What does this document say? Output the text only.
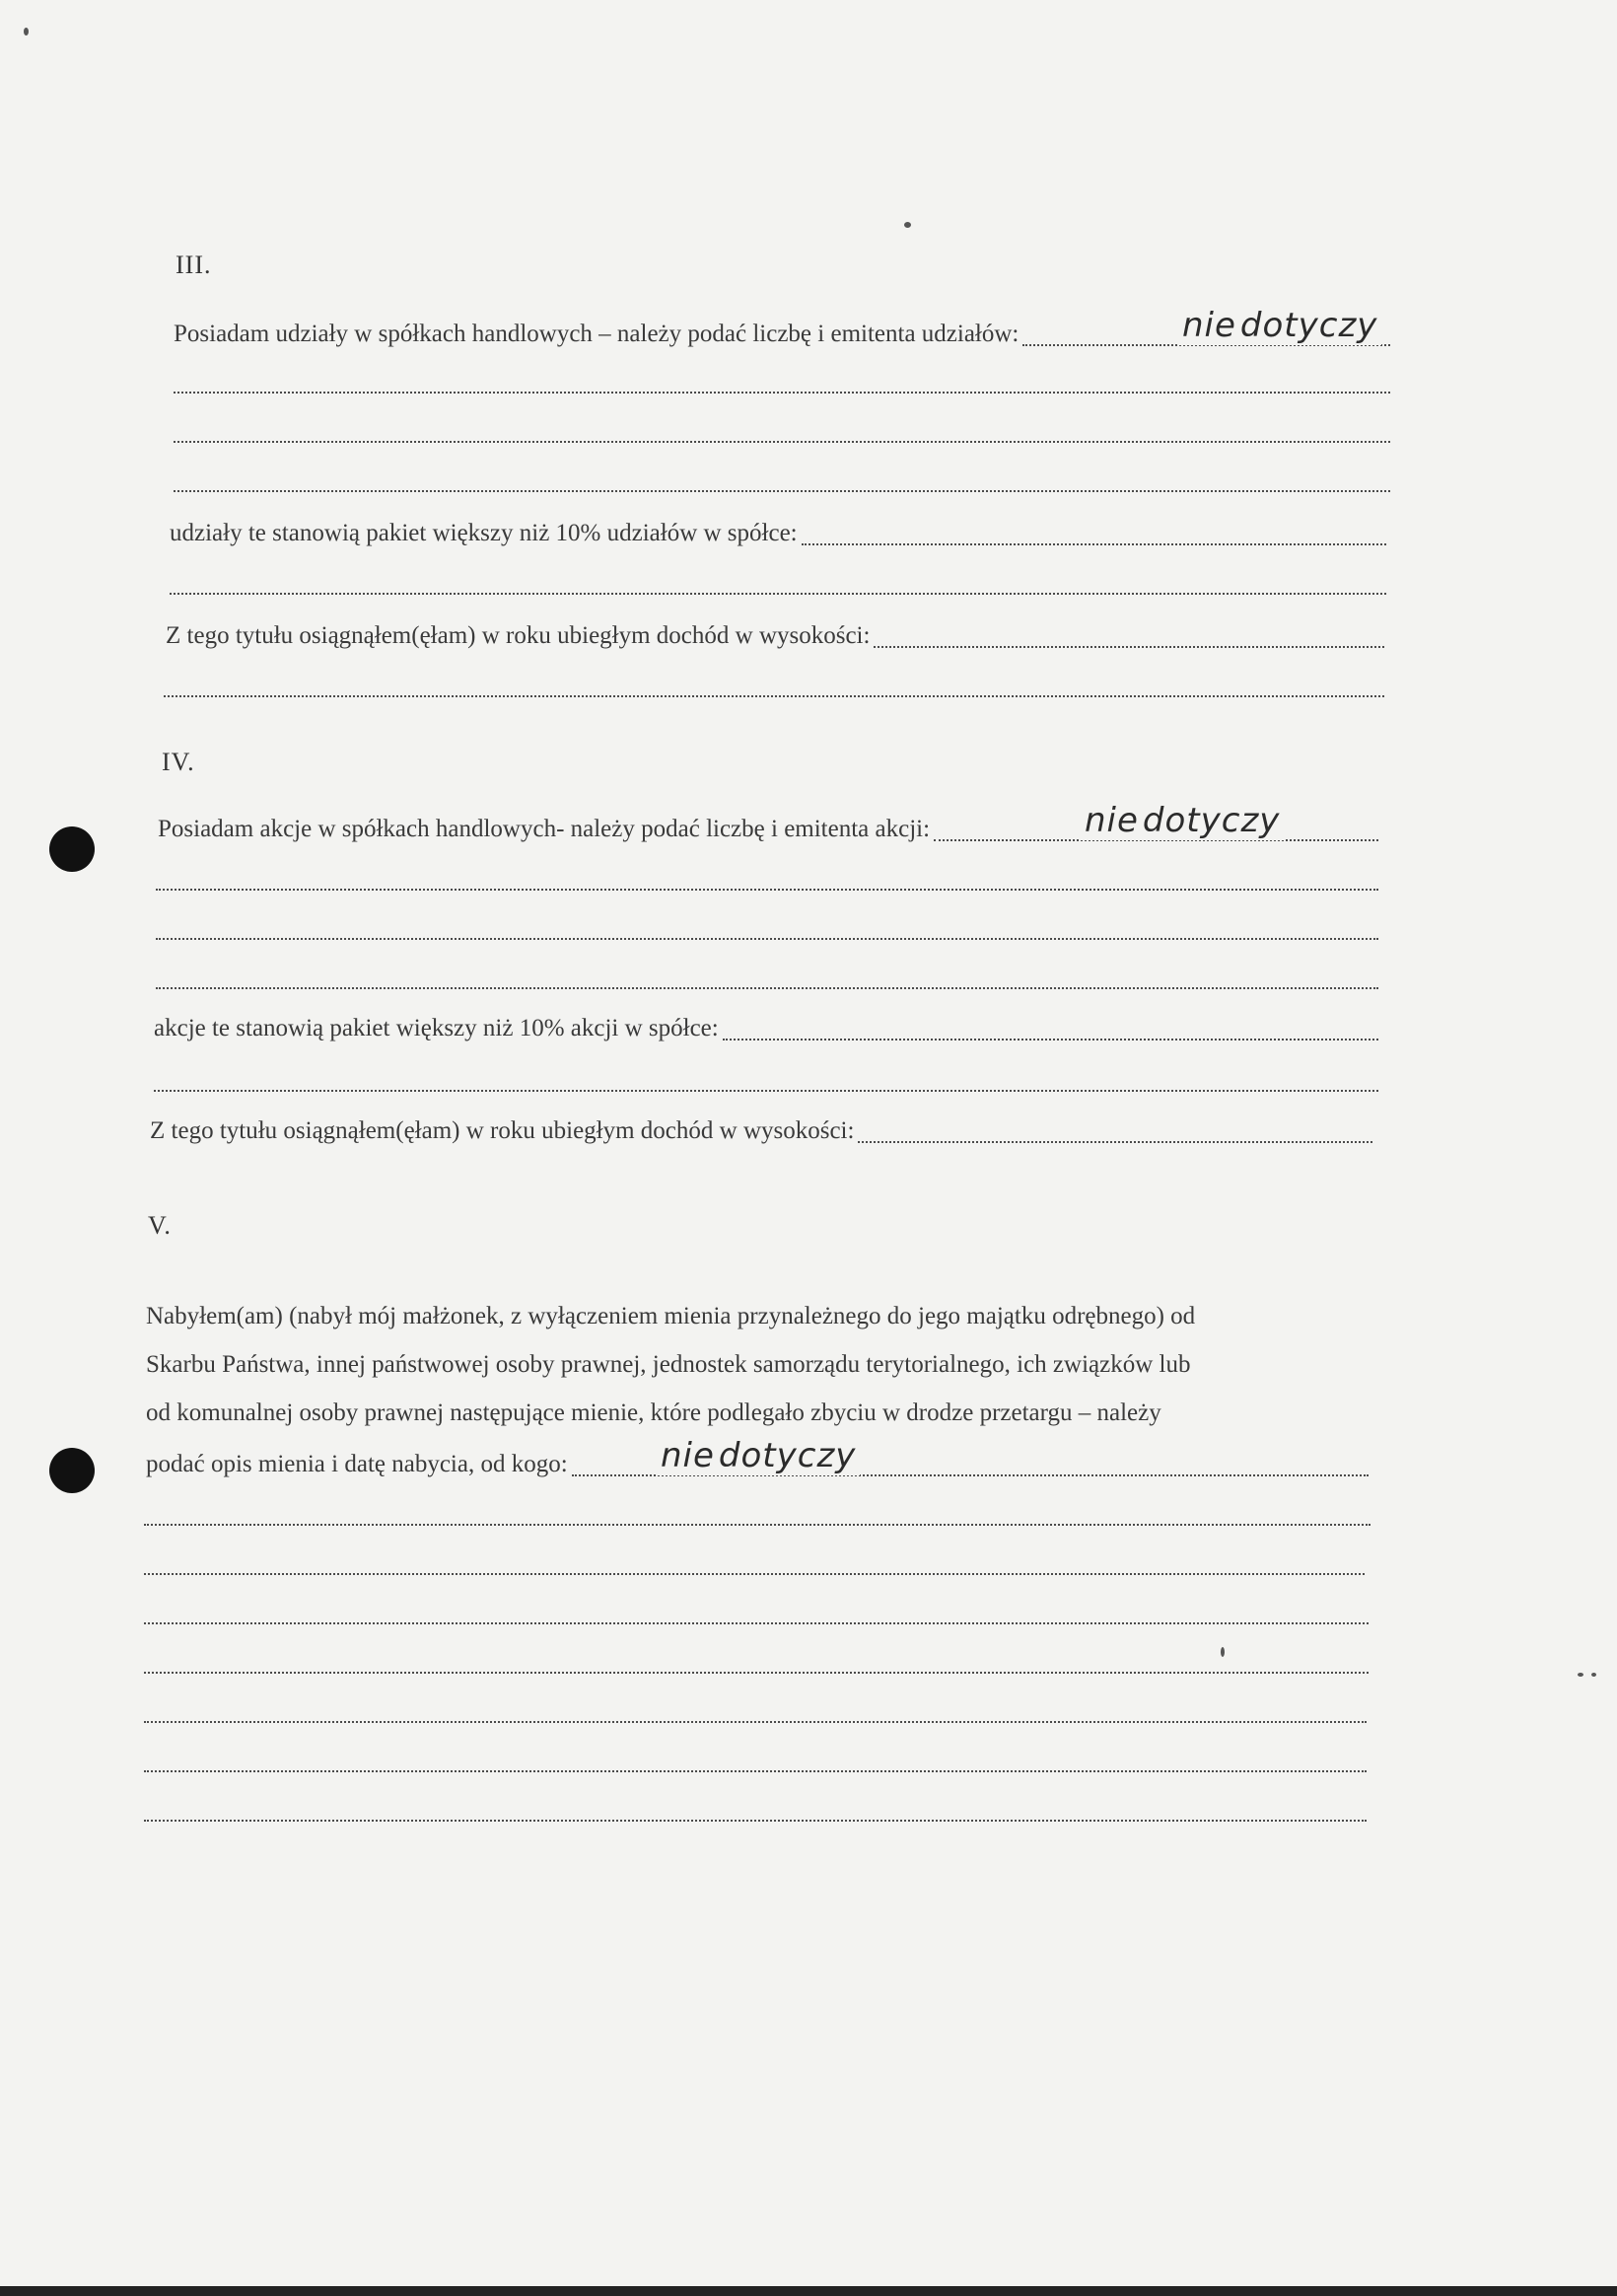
III.
Posiadam udziały w spółkach handlowych – należy podać liczbę i emitenta udziałów:	nie dotyczy
udziały te stanowią pakiet większy niż 10% udziałów w spółce:
Z tego tytułu osiągnąłem(ęłam) w roku ubiegłym dochód w wysokości:
IV.
Posiadam akcje w spółkach handlowych- należy podać liczbę i emitenta akcji:	nie dotyczy
akcje te stanowią pakiet większy niż 10% akcji w spółce:
Z tego tytułu osiągnąłem(ęłam) w roku ubiegłym dochód w wysokości:
V.
Nabyłem(am) (nabył mój małżonek, z wyłączeniem mienia przynależnego do jego majątku odrębnego) od
Skarbu Państwa, innej państwowej osoby prawnej, jednostek samorządu terytorialnego, ich związków lub
od komunalnej osoby prawnej następujące mienie, które podlegało zbyciu w drodze przetargu – należy
podać opis mienia i datę nabycia, od kogo:	nie dotyczy
